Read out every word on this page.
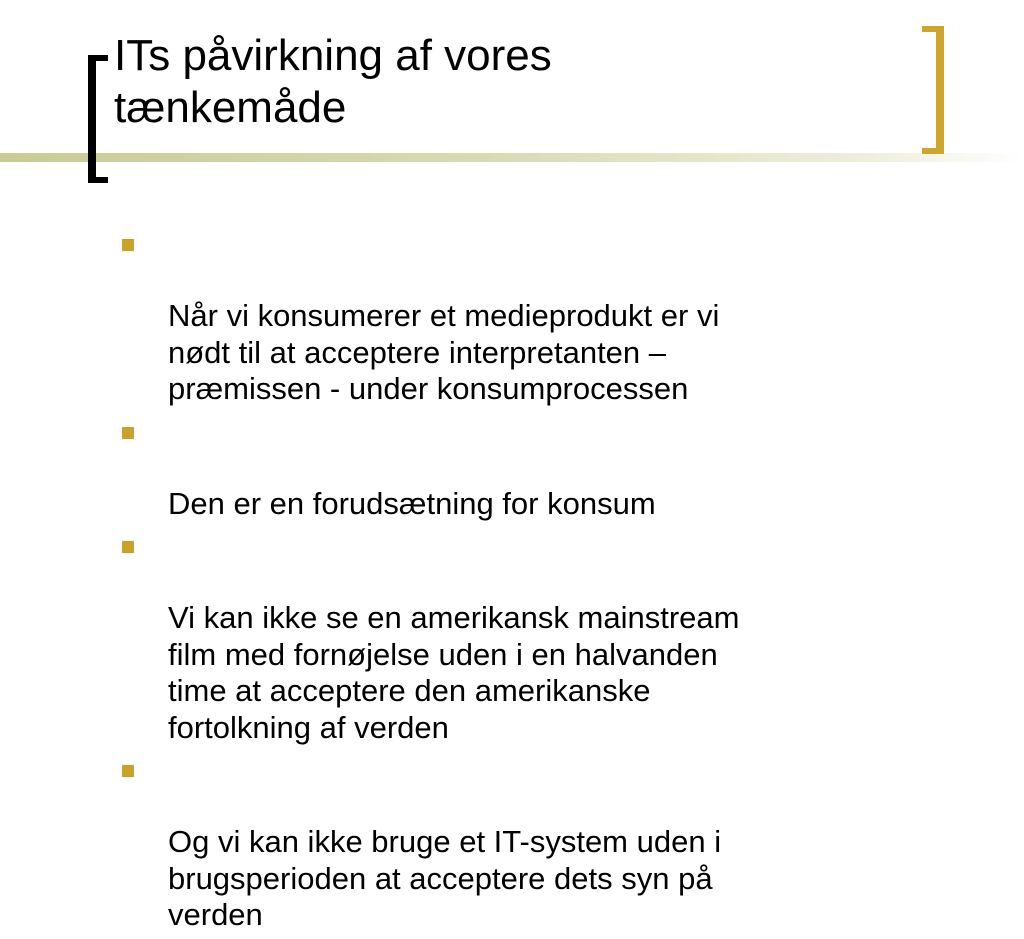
ITs påvirkning af vores
tænkemåde

Når vi konsumerer et medieprodukt er vi
nødt til at acceptere interpretanten –
præmissen - under konsumprocessen

Den er en forudsætning for konsum

Vi kan ikke se en amerikansk mainstream
film med fornøjelse uden i en halvanden
time at acceptere den amerikanske
fortolkning af verden

Og vi kan ikke bruge et IT-system uden i
brugsperioden at acceptere dets syn på
verden
